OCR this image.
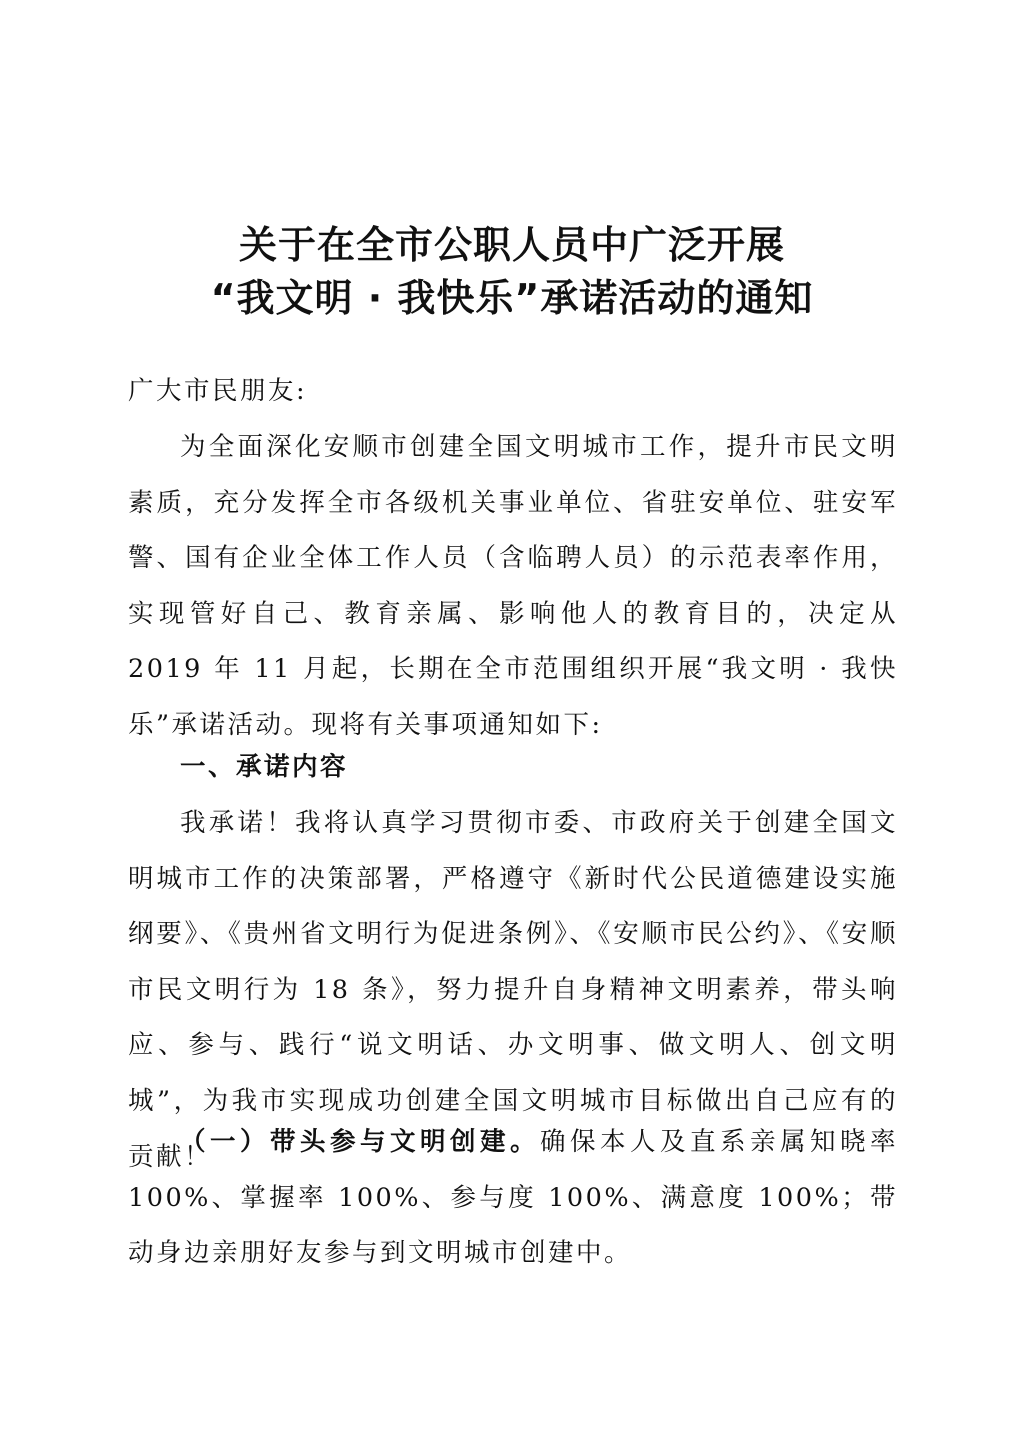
关于在全市公职人员中广泛开展
“我文明 · 我快乐”承诺活动的通知

广大市民朋友:

为全面深化安顺市创建全国文明城市工作，提升市民文明素质，充分发挥全市各级机关事业单位、省驻安单位、驻安军警、国有企业全体工作人员（含临聘人员）的示范表率作用，实现管好自己、教育亲属、影响他人的教育目的，决定从 2019 年 11 月起，长期在全市范围组织开展“我文明 · 我快乐”承诺活动。现将有关事项通知如下:

一、承诺内容

我承诺！我将认真学习贯彻市委、市政府关于创建全国文明城市工作的决策部署，严格遵守《新时代公民道德建设实施纲要》、《贵州省文明行为促进条例》、《安顺市民公约》、《安顺市民文明行为 18 条》，努力提升自身精神文明素养，带头响应、参与、践行“说文明话、办文明事、做文明人、创文明城”，为我市实现成功创建全国文明城市目标做出自己应有的贡献！

（一）带头参与文明创建。确保本人及直系亲属知晓率 100%、掌握率 100%、参与度 100%、满意度 100%；带动身边亲朋好友参与到文明城市创建中。
